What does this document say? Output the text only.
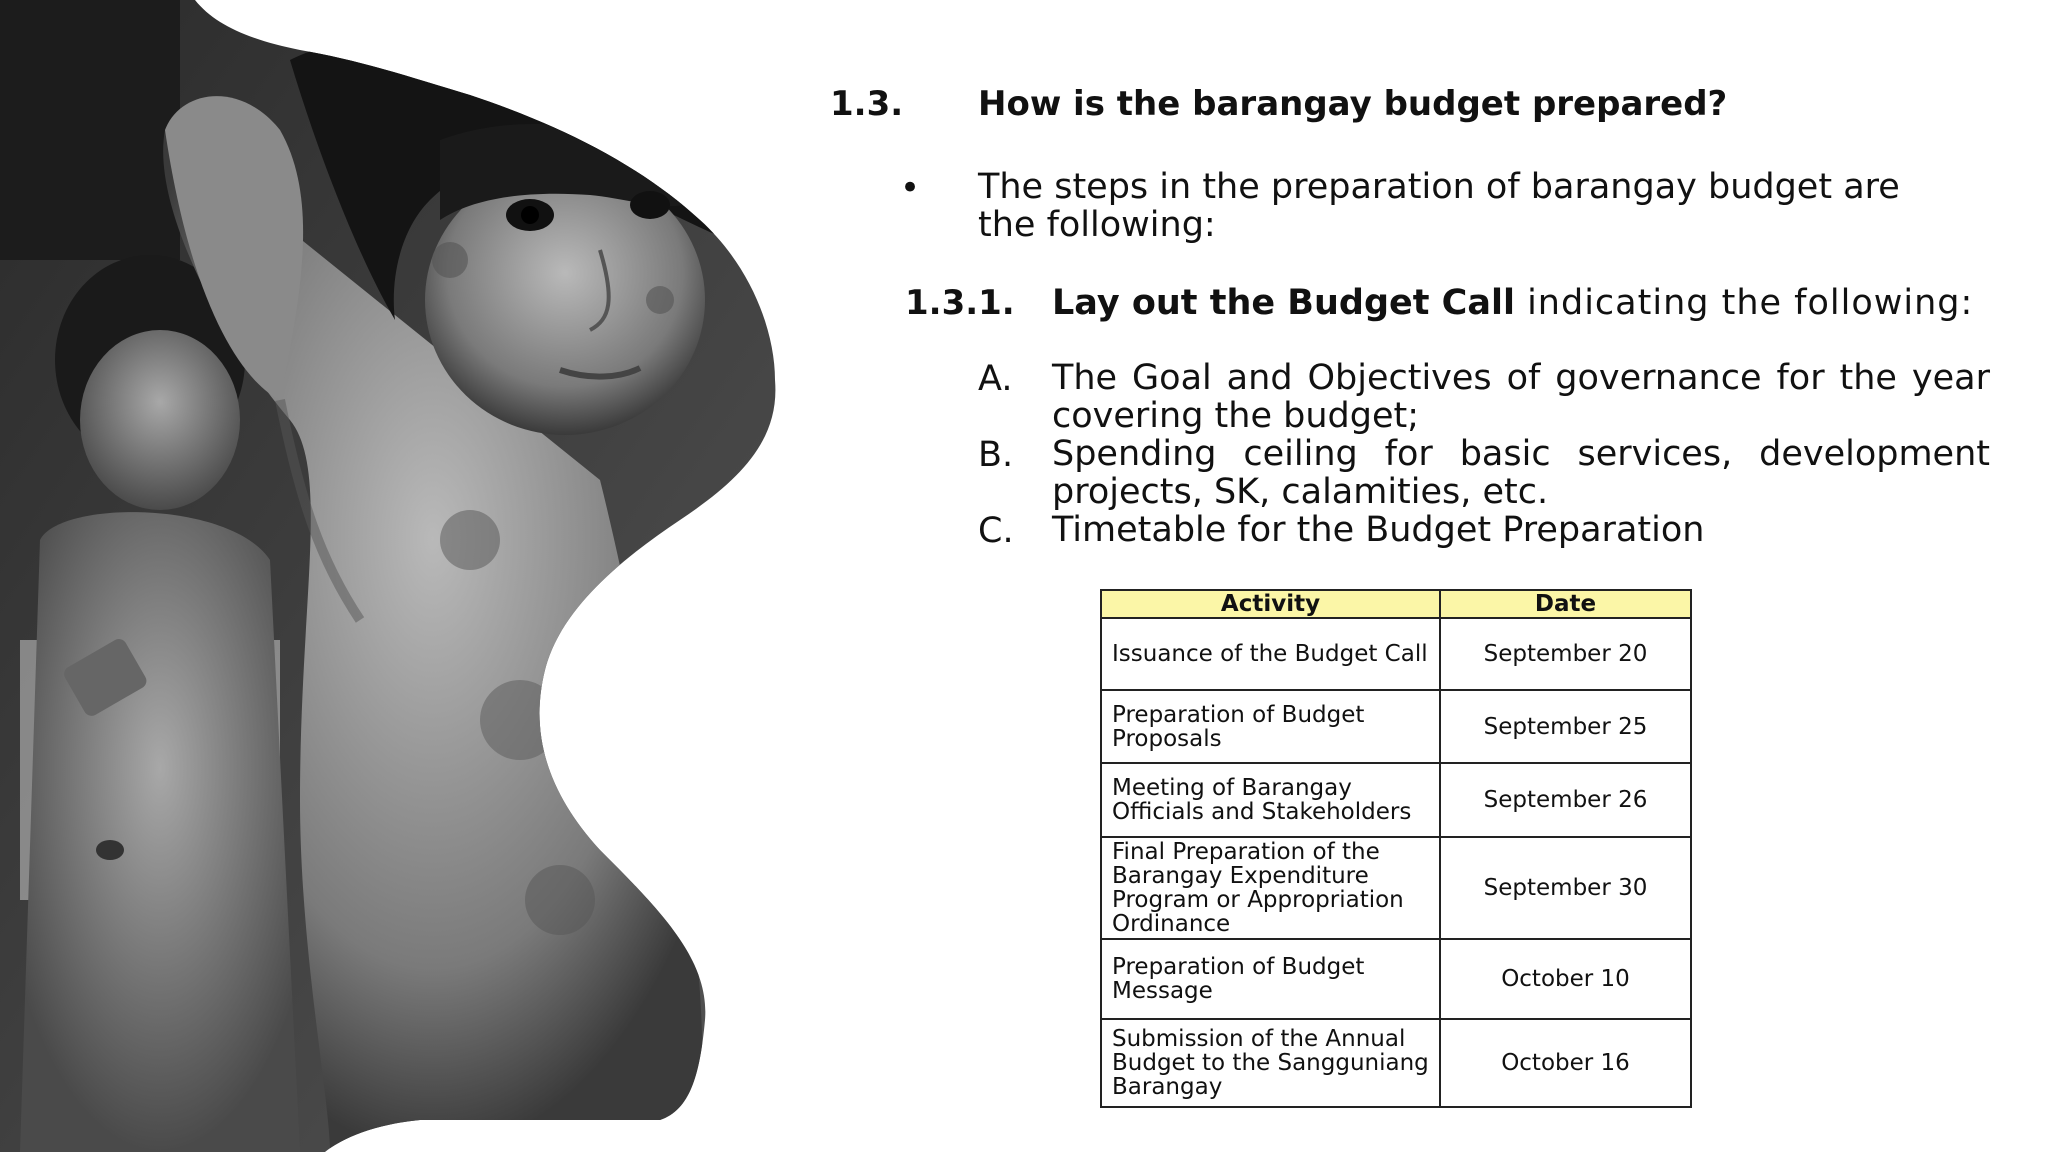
1.3. How is the barangay budget prepared?
• The steps in the preparation of barangay budget are the following:
1.3.1. Lay out the Budget Call indicating the following:
A. The Goal and Objectives of governance for the year covering the budget;
B. Spending ceiling for basic services, development projects, SK, calamities, etc.
C. Timetable for the Budget Preparation
Activity	Date
Issuance of the Budget Call	September 20
Preparation of Budget Proposals	September 25
Meeting of Barangay Officials and Stakeholders	September 26
Final Preparation of the Barangay Expenditure Program or Appropriation Ordinance	September 30
Preparation of Budget Message	October 10
Submission of the Annual Budget to the Sangguniang Barangay	October 16
